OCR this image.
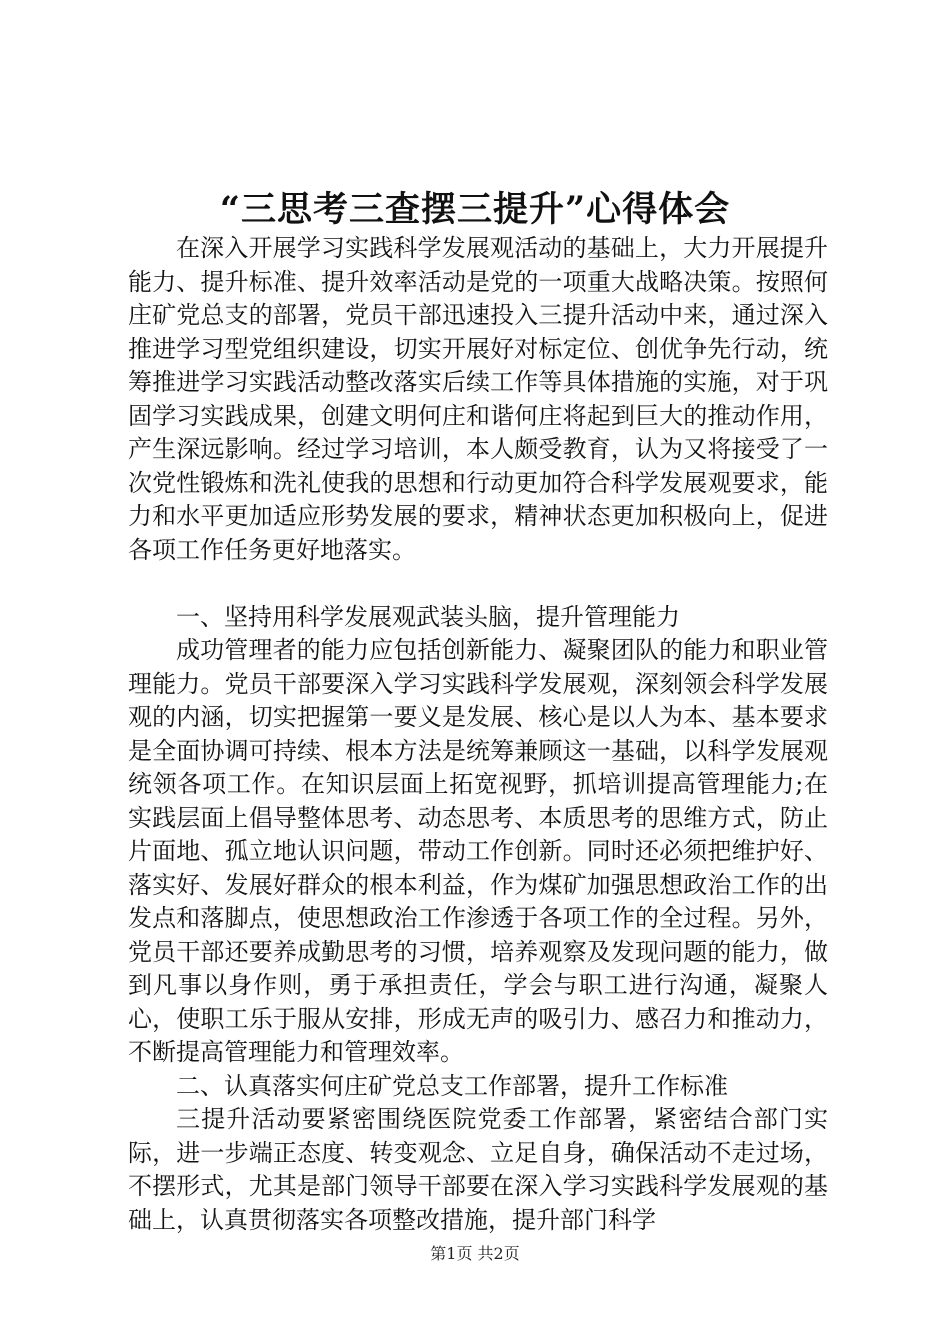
“三思考三查摆三提升”心得体会

在深入开展学习实践科学发展观活动的基础上，大力开展提升能力、提升标准、提升效率活动是党的一项重大战略决策。按照何庄矿党总支的部署，党员干部迅速投入三提升活动中来，通过深入推进学习型党组织建设，切实开展好对标定位、创优争先行动，统筹推进学习实践活动整改落实后续工作等具体措施的实施，对于巩固学习实践成果，创建文明何庄和谐何庄将起到巨大的推动作用，产生深远影响。经过学习培训，本人颇受教育，认为又将接受了一次党性锻炼和洗礼使我的思想和行动更加符合科学发展观要求，能力和水平更加适应形势发展的要求，精神状态更加积极向上，促进各项工作任务更好地落实。

一、坚持用科学发展观武装头脑，提升管理能力

成功管理者的能力应包括创新能力、凝聚团队的能力和职业管理能力。党员干部要深入学习实践科学发展观，深刻领会科学发展观的内涵，切实把握第一要义是发展、核心是以人为本、基本要求是全面协调可持续、根本方法是统筹兼顾这一基础，以科学发展观统领各项工作。在知识层面上拓宽视野，抓培训提高管理能力;在实践层面上倡导整体思考、动态思考、本质思考的思维方式，防止片面地、孤立地认识问题，带动工作创新。同时还必须把维护好、落实好、发展好群众的根本利益，作为煤矿加强思想政治工作的出发点和落脚点，使思想政治工作渗透于各项工作的全过程。另外，党员干部还要养成勤思考的习惯，培养观察及发现问题的能力，做到凡事以身作则，勇于承担责任，学会与职工进行沟通，凝聚人心，使职工乐于服从安排，形成无声的吸引力、感召力和推动力，不断提高管理能力和管理效率。

二、认真落实何庄矿党总支工作部署，提升工作标准

三提升活动要紧密围绕医院党委工作部署，紧密结合部门实际，进一步端正态度、转变观念、立足自身，确保活动不走过场，不摆形式，尤其是部门领导干部要在深入学习实践科学发展观的基础上，认真贯彻落实各项整改措施，提升部门科学

第1页 共2页
